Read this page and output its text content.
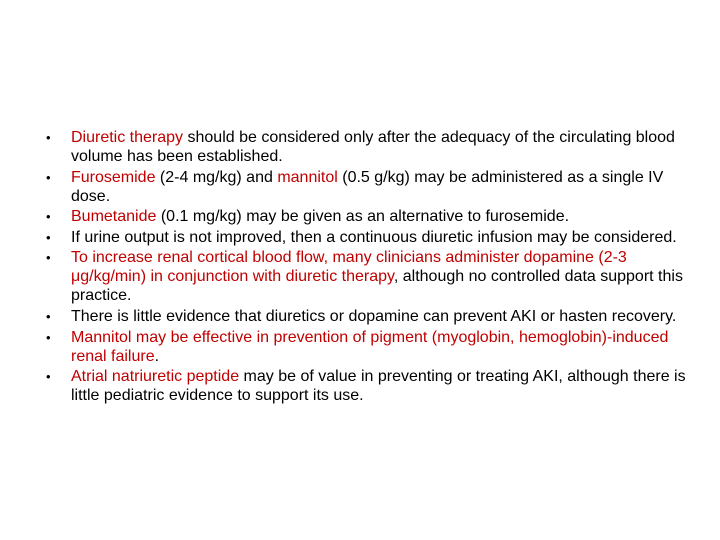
• Diuretic therapy should be considered only after the adequacy of the circulating blood volume has been established.
• Furosemide (2-4 mg/kg) and mannitol (0.5 g/kg) may be administered as a single IV dose.
• Bumetanide (0.1 mg/kg) may be given as an alternative to furosemide.
• If urine output is not improved, then a continuous diuretic infusion may be considered.
• To increase renal cortical blood flow, many clinicians administer dopamine (2-3 μg/kg/min) in conjunction with diuretic therapy, although no controlled data support this practice.
• There is little evidence that diuretics or dopamine can prevent AKI or hasten recovery.
• Mannitol may be effective in prevention of pigment (myoglobin, hemoglobin)-induced renal failure.
• Atrial natriuretic peptide may be of value in preventing or treating AKI, although there is little pediatric evidence to support its use.
